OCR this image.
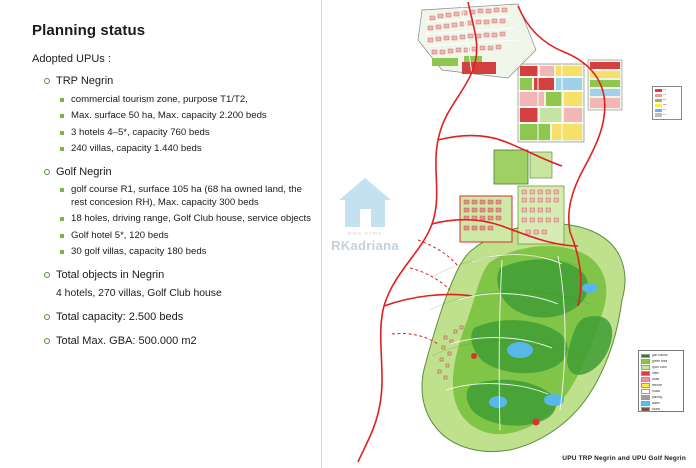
Planning status
Adopted UPUs :
TRP Negrin
commercial tourism zone, purpose T1/T2,
Max. surface 50 ha, Max. capacity 2.200 beds
3 hotels 4–5*, capacity 760 beds
240 villas, capacity 1.440 beds
Golf Negrin
golf course R1, surface 105 ha (68 ha owned land, the rest concesion RH), Max. capacity 300 beds
18 holes, driving range, Golf Club house, service objects
Golf hotel 5*, 120 beds
30 golf villas, capacity 180 beds
Total objects in Negrin
4 hotels, 270 villas, Golf Club house
Total capacity: 2.500 beds
Total Max. GBA: 500.000 m2
golf course
green area
sport zone
hotel
villas
service
roads
parking
water
forest
T1
T2
R1
M1
V1
P1
UPU TRP Negrin and UPU Golf Negrin
www.home
RKadriana
